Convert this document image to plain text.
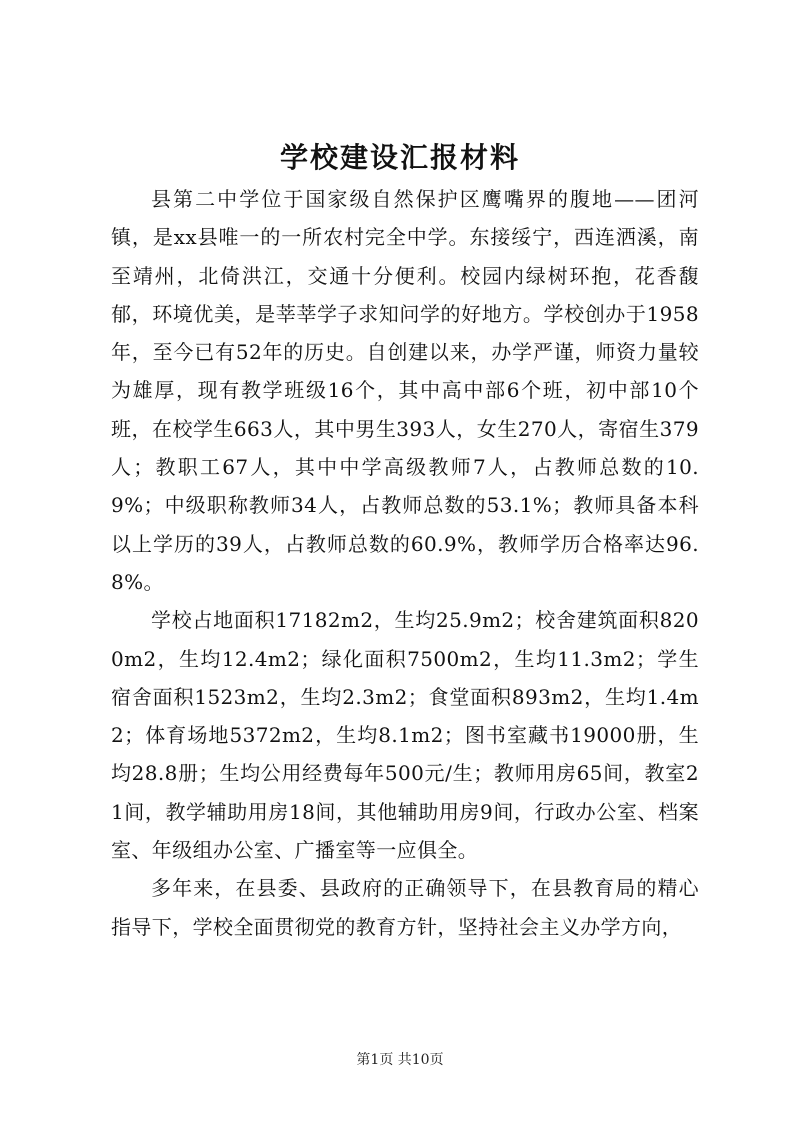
学校建设汇报材料

县第二中学位于国家级自然保护区鹰嘴界的腹地——团河镇，是xx县唯一的一所农村完全中学。东接绥宁，西连洒溪，南至靖州，北倚洪江，交通十分便利。校园内绿树环抱，花香馥郁，环境优美，是莘莘学子求知问学的好地方。学校创办于1958年，至今已有52年的历史。自创建以来，办学严谨，师资力量较为雄厚，现有教学班级16个，其中高中部6个班，初中部10个班，在校学生663人，其中男生393人，女生270人，寄宿生379人；教职工67人，其中中学高级教师7人，占教师总数的10.9%；中级职称教师34人，占教师总数的53.1%；教师具备本科以上学历的39人，占教师总数的60.9%，教师学历合格率达96.8%。

学校占地面积17182m2，生均25.9m2；校舍建筑面积8200m2，生均12.4m2；绿化面积7500m2，生均11.3m2；学生宿舍面积1523m2，生均2.3m2；食堂面积893m2，生均1.4m2；体育场地5372m2，生均8.1m2；图书室藏书19000册，生均28.8册；生均公用经费每年500元/生；教师用房65间，教室21间，教学辅助用房18间，其他辅助用房9间，行政办公室、档案室、年级组办公室、广播室等一应俱全。

多年来，在县委、县政府的正确领导下，在县教育局的精心指导下，学校全面贯彻党的教育方针，坚持社会主义办学方向，

第1页 共10页
